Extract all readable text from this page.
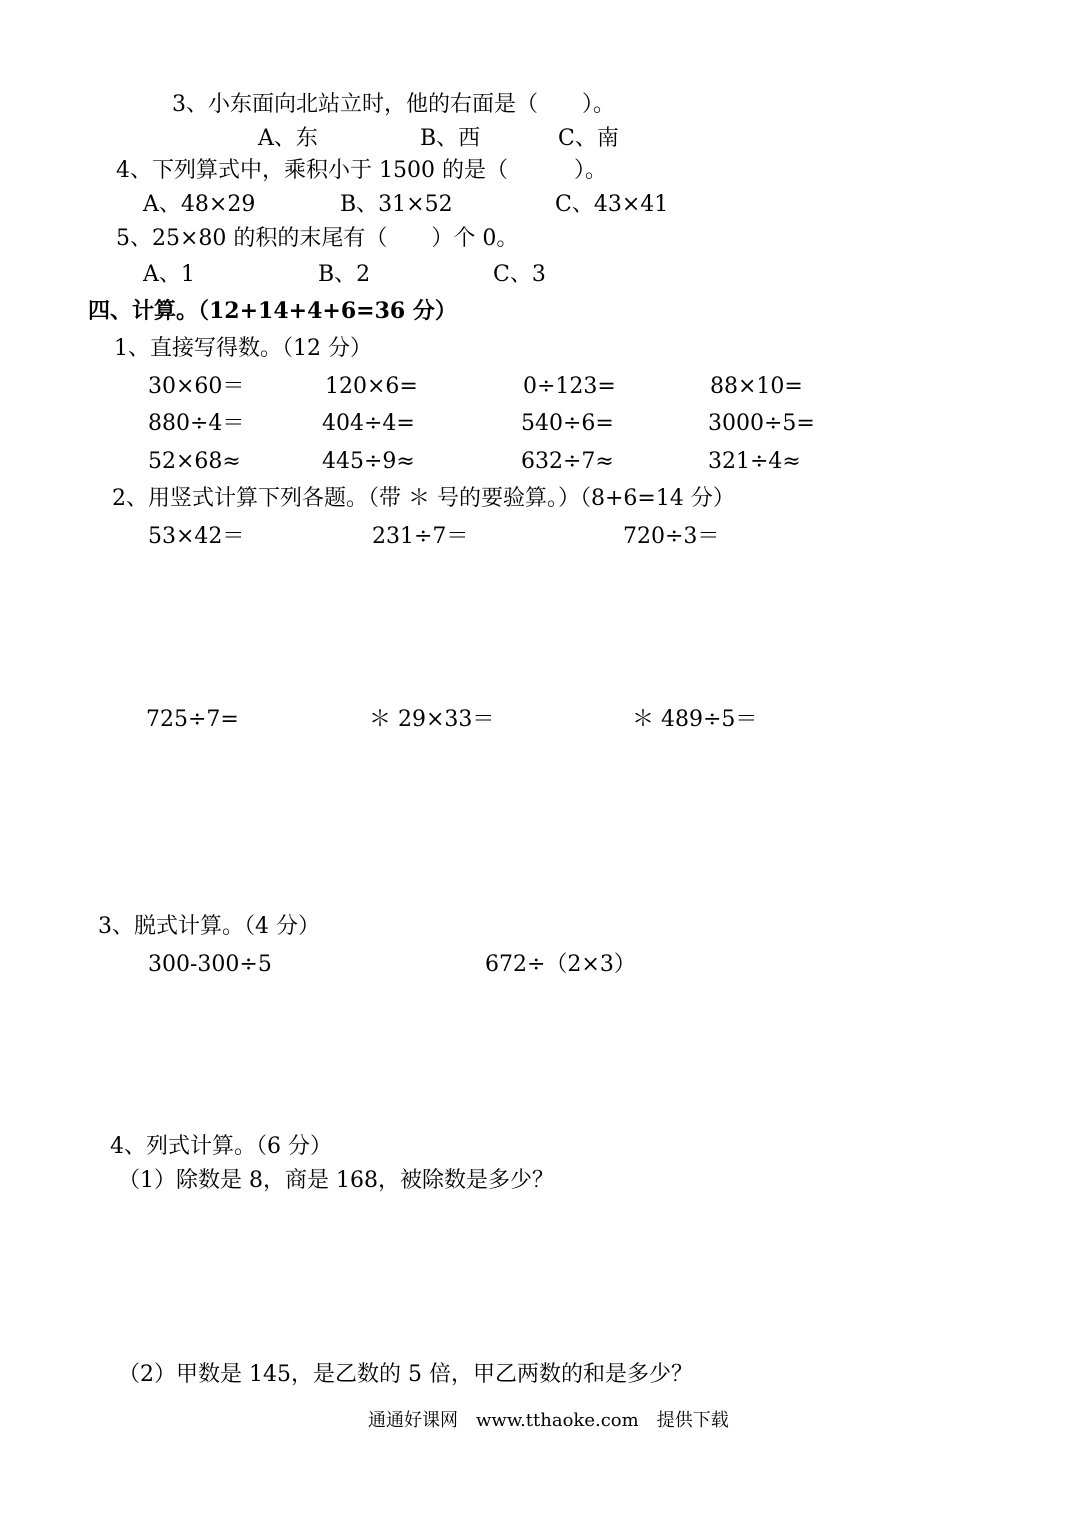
3、小东面向北站立时，他的右面是（　　）。
A、东	B、西	C、南
4、下列算式中，乘积小于 1500 的是（　　　）。
A、48×29	B、31×52	C、43×41
5、25×80 的积的末尾有（　　）个 0。
A、1	B、2	C、3
四、计算。（12+14+4+6=36 分）
1、直接写得数。（12 分）
30×60＝	120×6=	0÷123=	88×10=
880÷4＝	404÷4=	540÷6=	3000÷5=
52×68≈	445÷9≈	632÷7≈	321÷4≈
2、用竖式计算下列各题。（带 ＊ 号的要验算。）（8+6=14 分）
53×42＝	231÷7＝	720÷3＝
725÷7=	＊ 29×33＝	＊ 489÷5＝
3、脱式计算。（4 分）
300-300÷5	672÷（2×3）
4、列式计算。（6 分）
（1）除数是 8，商是 168，被除数是多少？
（2）甲数是 145，是乙数的 5 倍，甲乙两数的和是多少？
通通好课网　www.tthaoke.com　提供下载
